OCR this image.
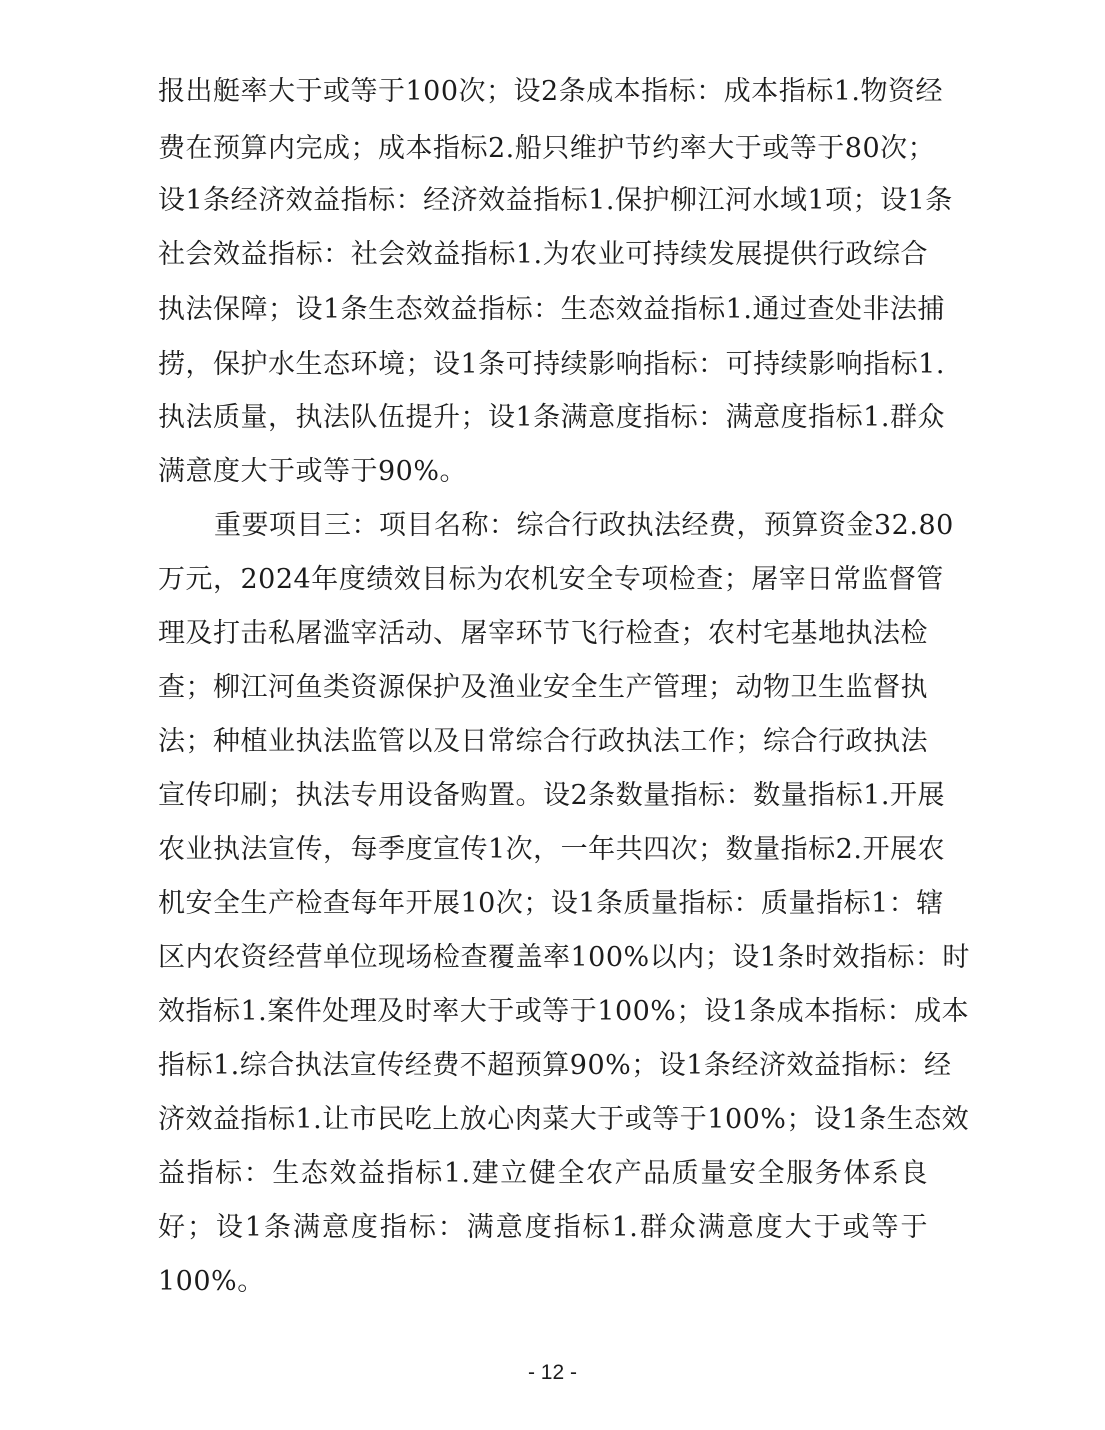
报出艇率大于或等于100次；设2条成本指标：成本指标1.物资经
费在预算内完成；成本指标2.船只维护节约率大于或等于80次；
设1条经济效益指标：经济效益指标1.保护柳江河水域1项；设1条
社会效益指标：社会效益指标1.为农业可持续发展提供行政综合
执法保障；设1条生态效益指标：生态效益指标1.通过查处非法捕
捞，保护水生态环境；设1条可持续影响指标：可持续影响指标1.
执法质量，执法队伍提升；设1条满意度指标：满意度指标1.群众
满意度大于或等于90%。
重要项目三：项目名称：综合行政执法经费，预算资金32.80
万元，2024年度绩效目标为农机安全专项检查；屠宰日常监督管
理及打击私屠滥宰活动、屠宰环节飞行检查；农村宅基地执法检
查；柳江河鱼类资源保护及渔业安全生产管理；动物卫生监督执
法；种植业执法监管以及日常综合行政执法工作；综合行政执法
宣传印刷；执法专用设备购置。设2条数量指标：数量指标1.开展
农业执法宣传，每季度宣传1次，一年共四次；数量指标2.开展农
机安全生产检查每年开展10次；设1条质量指标：质量指标1：辖
区内农资经营单位现场检查覆盖率100%以内；设1条时效指标：时
效指标1.案件处理及时率大于或等于100%；设1条成本指标：成本
指标1.综合执法宣传经费不超预算90%；设1条经济效益指标：经
济效益指标1.让市民吃上放心肉菜大于或等于100%；设1条生态效
益指标：生态效益指标1.建立健全农产品质量安全服务体系良
好；设1条满意度指标：满意度指标1.群众满意度大于或等于
100%。
- 12 -
